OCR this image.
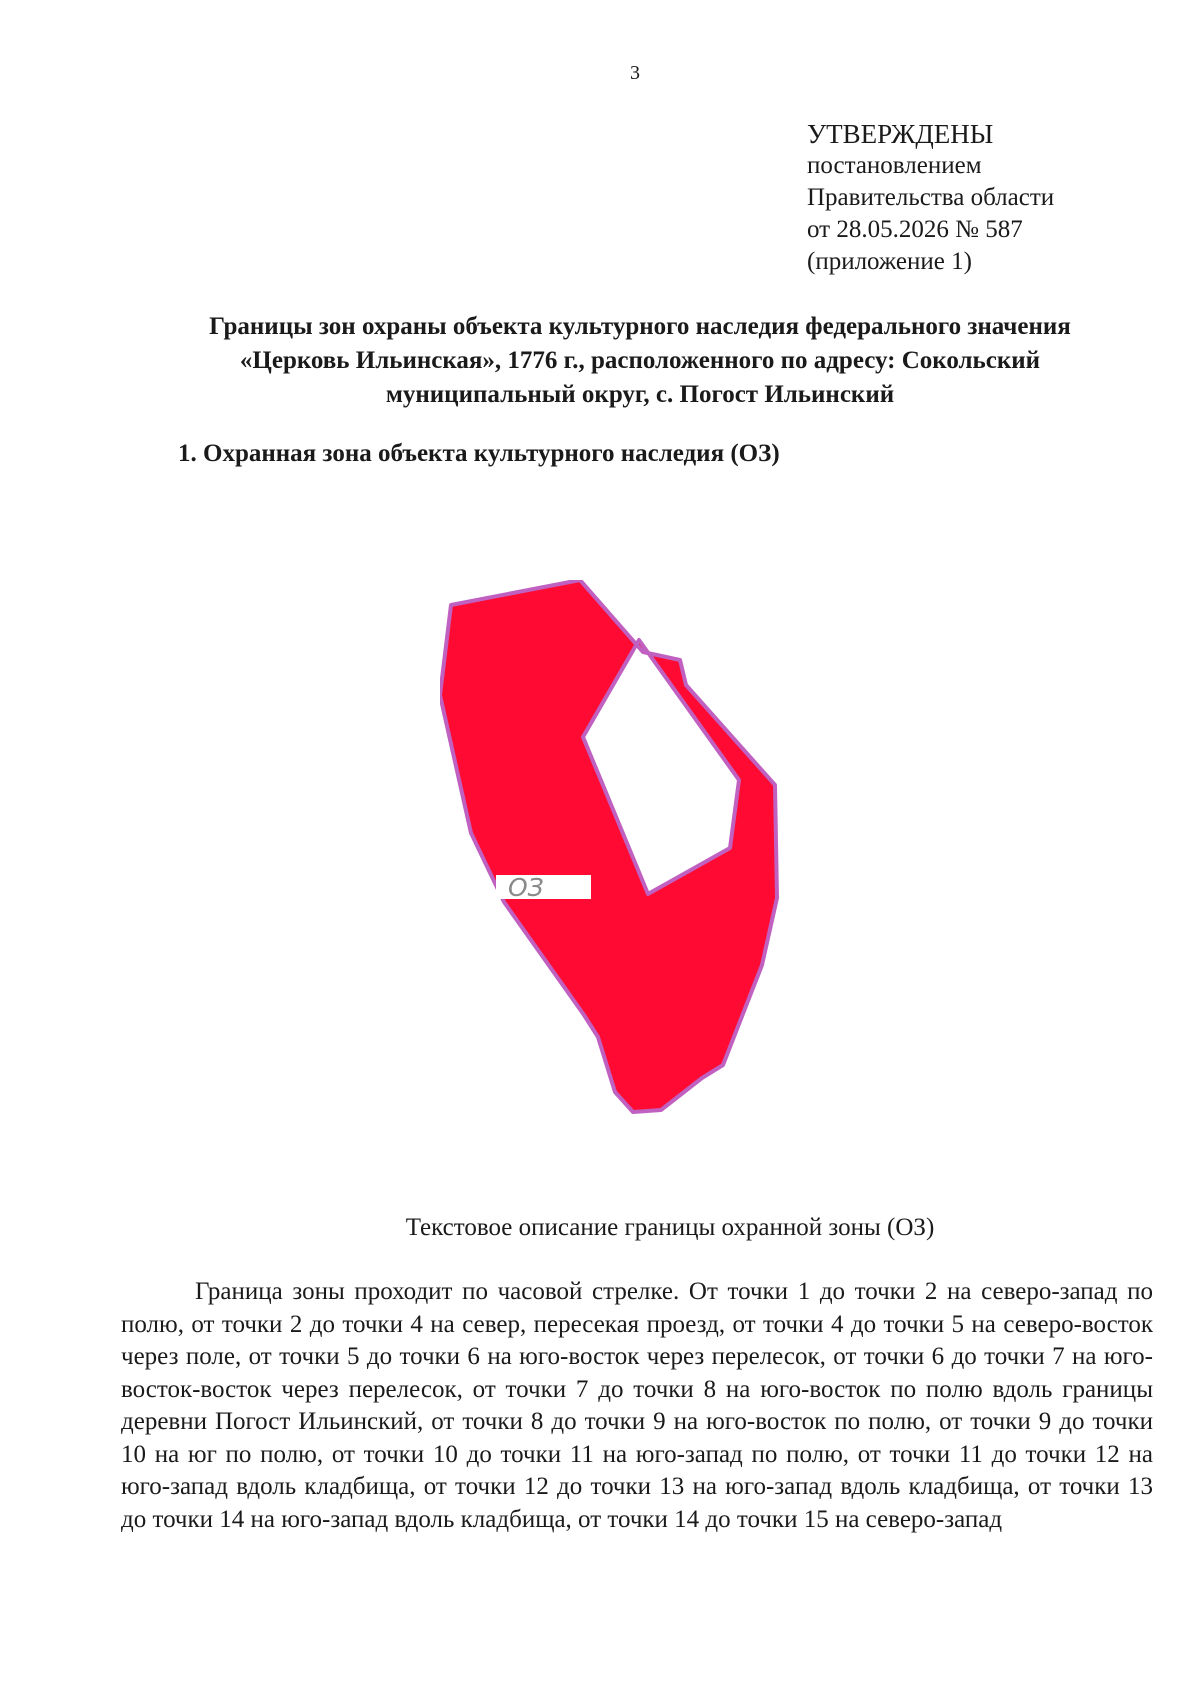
3
УТВЕРЖДЕНЫ
постановлением
Правительства области
от 28.05.2026 № 587
(приложение 1)
Границы зон охраны объекта культурного наследия федерального значения
«Церковь Ильинская», 1776 г., расположенного по адресу: Сокольский
муниципальный округ, с. Погост Ильинский
1. Охранная зона объекта культурного наследия (ОЗ)
ОЗ
Текстовое описание границы охранной зоны (ОЗ)
Граница зоны проходит по часовой стрелке. От точки 1 до точки 2 на северо-запад по полю, от точки 2 до точки 4 на север, пересекая проезд, от точки 4 до точки 5 на северо-восток через поле, от точки 5 до точки 6 на юго-восток через перелесок, от точки 6 до точки 7 на юго-восток-восток через перелесок, от точки 7 до точки 8 на юго-восток по полю вдоль границы деревни Погост Ильинский, от точки 8 до точки 9 на юго-восток по полю, от точки 9 до точки 10 на юг по полю, от точки 10 до точки 11 на юго-запад по полю, от точки 11 до точки 12 на юго-запад вдоль кладбища, от точки 12 до точки 13 на юго-запад вдоль кладбища, от точки 13 до точки 14 на юго-запад вдоль кладбища, от точки 14 до точки 15 на северо-запад
